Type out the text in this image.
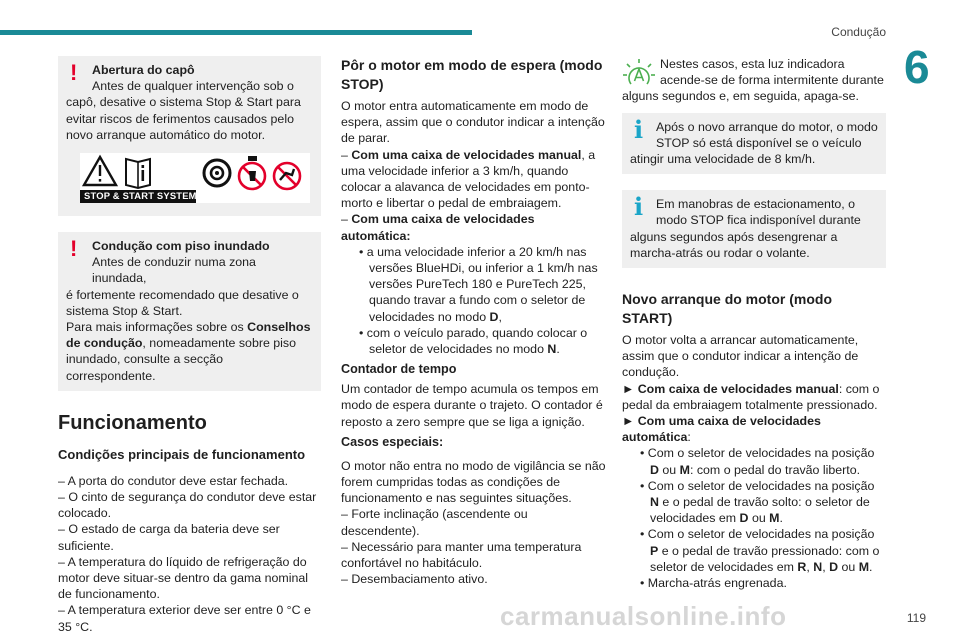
Condução
6
!	Abertura do capô

Antes de qualquer intervenção sob o

capô, desative o sistema Stop & Start para evitar riscos de ferimentos causados pelo novo arranque automático do motor.

STOP & START SYSTEM
!	Condução com piso inundado

Antes de conduzir numa zona inundada,

é fortemente recomendado que desative o sistema Stop & Start.

Para mais informações sobre os Conselhos de condução, nomeadamente sobre piso inundado, consulte a secção correspondente.

Funcionamento
Condições principais de funcionamento

– A porta do condutor deve estar fechada.

– O cinto de segurança do condutor deve estar colocado.

– O estado de carga da bateria deve ser suficiente.

– A temperatura do líquido de refrigeração do motor deve situar-se dentro da gama nominal de funcionamento.

– A temperatura exterior deve ser entre 0 °C e 35 °C.

Pôr o motor em modo de espera (modo STOP)

O motor entra automaticamente em modo de espera, assim que o condutor indicar a intenção de parar.

– Com uma caixa de velocidades manual, a uma velocidade inferior a 3 km/h, quando colocar a alavanca de velocidades em ponto-morto e libertar o pedal de embraiagem.

– Com uma caixa de velocidades automática:

• a uma velocidade inferior a 20 km/h nas versões BlueHDi, ou inferior a 1 km/h nas versões PureTech 180 e PureTech 225, quando travar a fundo com o seletor de velocidades no modo D,

• com o veículo parado, quando colocar o seletor de velocidades no modo N.

Contador de tempo

Um contador de tempo acumula os tempos em modo de espera durante o trajeto. O contador é reposto a zero sempre que se liga a ignição.

Casos especiais:

O motor não entra no modo de vigilância se não forem cumpridas todas as condições de funcionamento e nas seguintes situações.

– Forte inclinação (ascendente ou descendente).

– Necessário para manter uma temperatura confortável no habitáculo.

– Desembaciamento ativo.

Nestes casos, esta luz indicadora

acende-se de forma intermitente durante

alguns segundos e, em seguida, apaga-se.

i	Após o novo arranque do motor, o modo

STOP só está disponível se o veículo

atingir uma velocidade de 8 km/h.

i	Em manobras de estacionamento, o

modo STOP fica indisponível durante

alguns segundos após desengrenar a marcha-atrás ou rodar o volante.

Novo arranque do motor (modo START)

O motor volta a arrancar automaticamente, assim que o condutor indicar a intenção de condução.

► Com caixa de velocidades manual: com o pedal da embraiagem totalmente pressionado.

► Com uma caixa de velocidades automática:

• Com o seletor de velocidades na posição D ou M: com o pedal do travão liberto.

• Com o seletor de velocidades na posição N e o pedal de travão solto: o seletor de velocidades em D ou M.

• Com o seletor de velocidades na posição P e o pedal de travão pressionado: com o seletor de velocidades em R, N, D ou M.

• Marcha-atrás engrenada.

carmanualsonline.info	119
